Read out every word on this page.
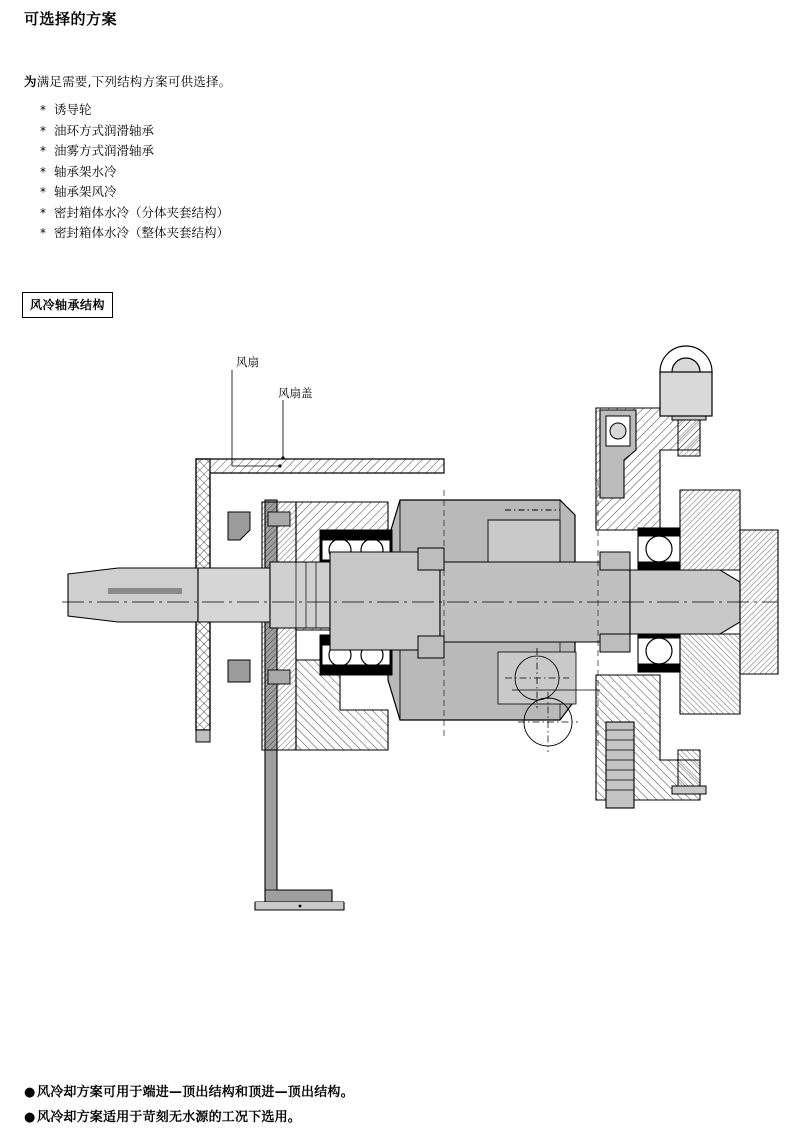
可选择的方案
为满足需要,下列结构方案可供选择。
* 诱导轮
* 油环方式润滑轴承
* 油雾方式润滑轴承
* 轴承架水冷
* 轴承架风冷
* 密封箱体水冷（分体夹套结构）
* 密封箱体水冷（整体夹套结构）
风冷轴承结构
风扇
风扇盖
●风冷却方案可用于端进—顶出结构和顶进—顶出结构。
●风冷却方案适用于苛刻无水源的工况下选用。
